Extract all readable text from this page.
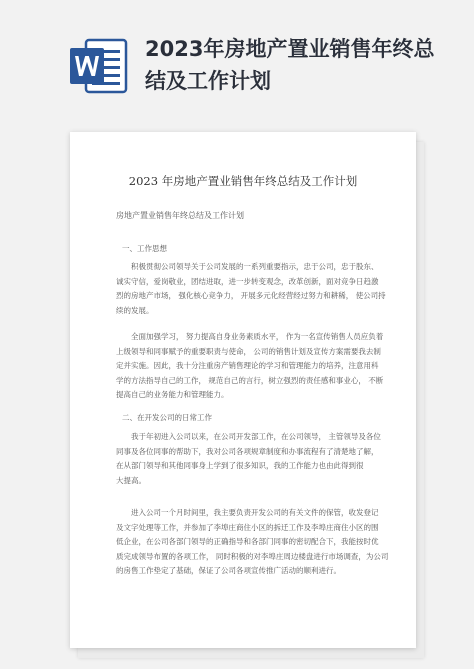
2023年房地产置业销售年终总结及工作计划
2023 年房地产置业销售年终总结及工作计划

房地产置业销售年终总结及工作计划

一、工作思想

积极贯彻公司领导关于公司发展的一系列重要指示，忠于公司，忠于股东、
诚实守信，爱岗敬业，团结进取，进一步转变观念，改革创新，面对竞争日趋激
烈的房地产市场， 强化核心竞争力， 开展多元化经营经过努力和耕稀， 使公司持
续的发展。

全面加强学习， 努力提高自身业务素质水平， 作为一名宣传销售人员应负着
上级领导和同事赋予的重要职责与使命， 公司的销售计划及宣传方案需要我去制
定并实施。因此，我十分注重房产销售理论的学习和管理能力的培养，注意用科
学的方法指导自己的工作， 规范自己的言行，树立强烈的责任感和事业心， 不断
提高自己的业务能力和管理能力。

二、在开发公司的日常工作

我于年初进入公司以来，在公司开发部工作，在公司领导， 主管领导及各位
同事及各位同事的帮助下，我对公司各项规章制度和办事流程有了清楚地了解，
在从部门领导和其他同事身上学到了很多知识，我的工作能力也由此得到很
大提高。

进入公司一个月时间里，我主要负责开发公司的有关文件的保管，收发登记
及文字处理等工作，并参加了李埠庄商住小区的拆迁工作及李埠庄商住小区的围
低企业，在公司各部门领导的正确指导和各部门同事的密切配合下，我能按时优
质完成领导布置的各项工作， 同时积极的对李埠庄周边楼盘进行市场调查，为公司
的房售工作垫定了基础，保证了公司各项宣传推广活动的顺利进行。
